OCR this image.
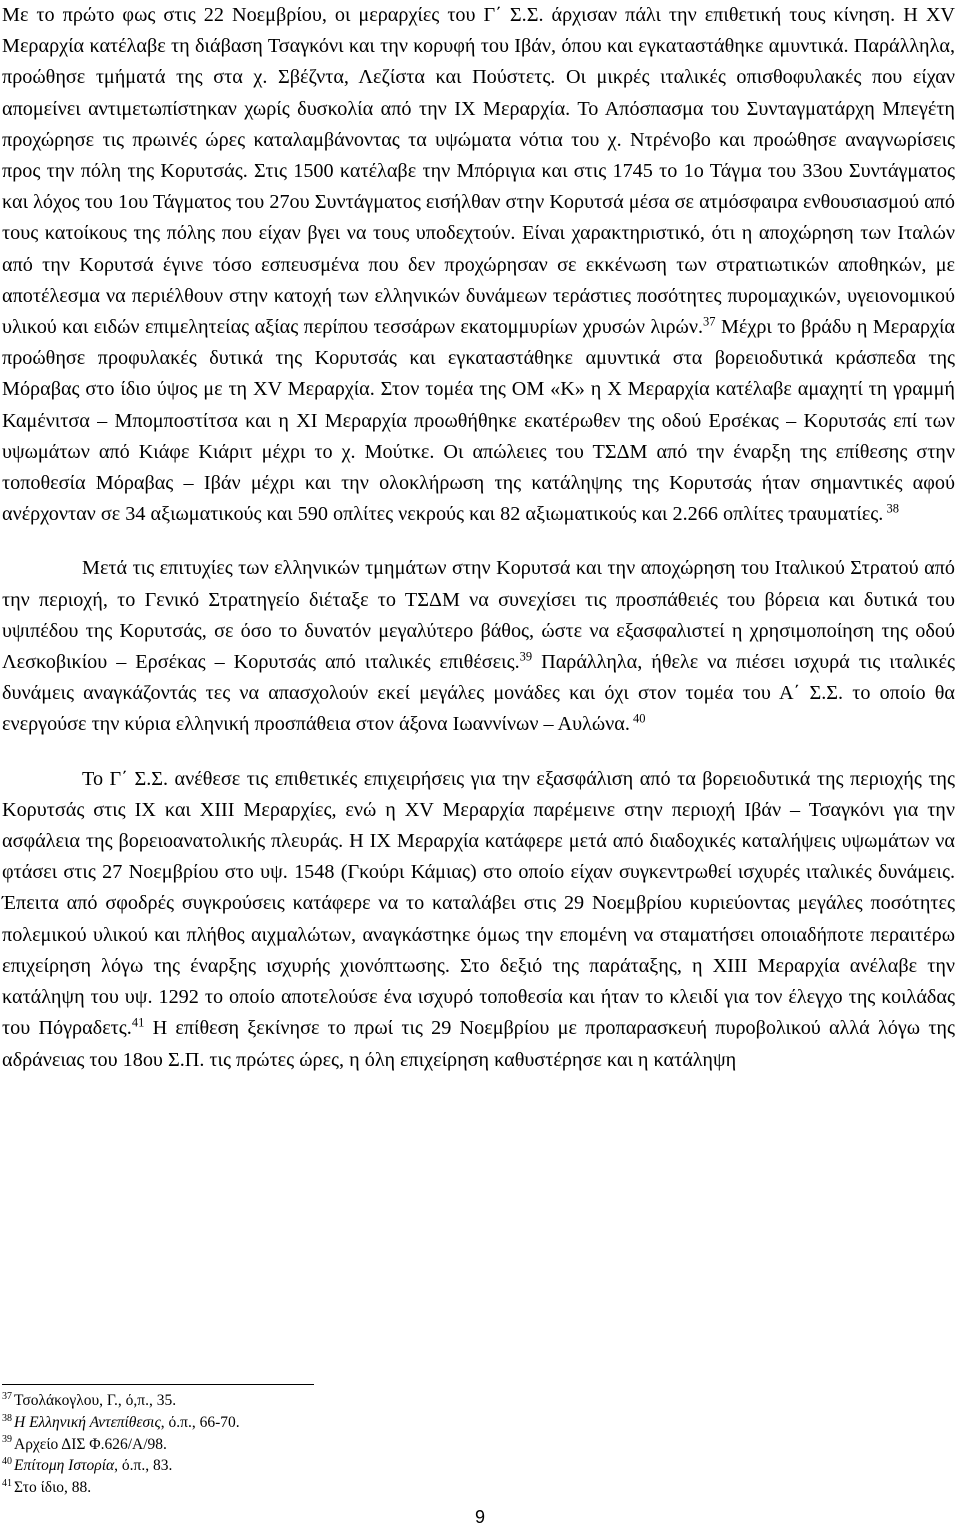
Με το πρώτο φως στις 22 Νοεμβρίου, οι μεραρχίες του Γ΄ Σ.Σ. άρχισαν πάλι την επιθετική τους κίνηση. Η XV Μεραρχία κατέλαβε τη διάβαση Τσαγκόνι και την κορυφή του Ιβάν, όπου και εγκαταστάθηκε αμυντικά. Παράλληλα, προώθησε τμήματά της στα χ. Σβέζντα, Λεζίστα και Πούστετς. Οι μικρές ιταλικές οπισθοφυλακές που είχαν απομείνει αντιμετωπίστηκαν χωρίς δυσκολία από την IX Μεραρχία. Το Απόσπασμα του Συνταγματάρχη Μπεγέτη προχώρησε τις πρωινές ώρες καταλαμβάνοντας τα υψώματα νότια του χ. Ντρένοβο και προώθησε αναγνωρίσεις προς την πόλη της Κορυτσάς. Στις 1500 κατέλαβε την Μπόριγια και στις 1745 το 1ο Τάγμα του 33ου Συντάγματος και λόχος του 1ου Τάγματος του 27ου Συντάγματος εισήλθαν στην Κορυτσά μέσα σε ατμόσφαιρα ενθουσιασμού από τους κατοίκους της πόλης που είχαν βγει να τους υποδεχτούν. Είναι χαρακτηριστικό, ότι η αποχώρηση των Ιταλών από την Κορυτσά έγινε τόσο εσπευσμένα που δεν προχώρησαν σε εκκένωση των στρατιωτικών αποθηκών, με αποτέλεσμα να περιέλθουν στην κατοχή των ελληνικών δυνάμεων τεράστιες ποσότητες πυρομαχικών, υγειονομικού υλικού και ειδών επιμελητείας αξίας περίπου τεσσάρων εκατομμυρίων χρυσών λιρών.$^{37}$ Μέχρι το βράδυ η Μεραρχία προώθησε προφυλακές δυτικά της Κορυτσάς και εγκαταστάθηκε αμυντικά στα βορειοδυτικά κράσπεδα της Μόραβας στο ίδιο ύψος με τη XV Μεραρχία. Στον τομέα της ΟΜ «Κ» η X Μεραρχία κατέλαβε αμαχητί τη γραμμή Καμένιτσα – Μπομποστίτσα και η XI Μεραρχία προωθήθηκε εκατέρωθεν της οδού Ερσέκας – Κορυτσάς επί των υψωμάτων από Κιάφε Κιάριτ μέχρι το χ. Μούτκε. Οι απώλειες του ΤΣΔΜ από την έναρξη της επίθεσης στην τοποθεσία Μόραβας – Ιβάν μέχρι και την ολοκλήρωση της κατάληψης της Κορυτσάς ήταν σημαντικές αφού ανέρχονταν σε 34 αξιωματικούς και 590 οπλίτες νεκρούς και 82 αξιωματικούς και 2.266 οπλίτες τραυματίες. $^{38}$

Μετά τις επιτυχίες των ελληνικών τμημάτων στην Κορυτσά και την αποχώρηση του Ιταλικού Στρατού από την περιοχή, το Γενικό Στρατηγείο διέταξε το ΤΣΔΜ να συνεχίσει τις προσπάθειές του βόρεια και δυτικά του υψιπέδου της Κορυτσάς, σε όσο το δυνατόν μεγαλύτερο βάθος, ώστε να εξασφαλιστεί η χρησιμοποίηση της οδού Λεσκοβικίου – Ερσέκας – Κορυτσάς από ιταλικές επιθέσεις.$^{39}$ Παράλληλα, ήθελε να πιέσει ισχυρά τις ιταλικές δυνάμεις αναγκάζοντάς τες να απασχολούν εκεί μεγάλες μονάδες και όχι στον τομέα του Α΄ Σ.Σ. το οποίο θα ενεργούσε την κύρια ελληνική προσπάθεια στον άξονα Ιωαννίνων – Αυλώνα. $^{40}$

Το Γ΄ Σ.Σ. ανέθεσε τις επιθετικές επιχειρήσεις για την εξασφάλιση από τα βορειοδυτικά της περιοχής της Κορυτσάς στις IX και XIII Μεραρχίες, ενώ η XV Μεραρχία παρέμεινε στην περιοχή Ιβάν – Τσαγκόνι για την ασφάλεια της βορειοανατολικής πλευράς. Η IX Μεραρχία κατάφερε μετά από διαδοχικές καταλήψεις υψωμάτων να φτάσει στις 27 Νοεμβρίου στο υψ. 1548 (Γκούρι Κάμιας) στο οποίο είχαν συγκεντρωθεί ισχυρές ιταλικές δυνάμεις. Έπειτα από σφοδρές συγκρούσεις κατάφερε να το καταλάβει στις 29 Νοεμβρίου κυριεύοντας μεγάλες ποσότητες πολεμικού υλικού και πλήθος αιχμαλώτων, αναγκάστηκε όμως την επομένη να σταματήσει οποιαδήποτε περαιτέρω επιχείρηση λόγω της έναρξης ισχυρής χιονόπτωσης. Στο δεξιό της παράταξης, η XIII Μεραρχία ανέλαβε την κατάληψη του υψ. 1292 το οποίο αποτελούσε ένα ισχυρό τοποθεσία και ήταν το κλειδί για τον έλεγχο της κοιλάδας του Πόγραδετς.$^{41}$ Η επίθεση ξεκίνησε το πρωί τις 29 Νοεμβρίου με προπαρασκευή πυροβολικού αλλά λόγω της αδράνειας του 18ου Σ.Π. τις πρώτες ώρες, η όλη επιχείρηση καθυστέρησε και η κατάληψη

$^{37}$ Τσολάκογλου, Γ., ό,π., 35.
$^{38}$ Η Ελληνική Αντεπίθεσις, ό.π., 66-70.
$^{39}$ Αρχείο ΔΙΣ Φ.626/Α/98.
$^{40}$ Επίτομη Ιστορία, ό.π., 83.
$^{41}$ Στο ίδιο, 88.
9
